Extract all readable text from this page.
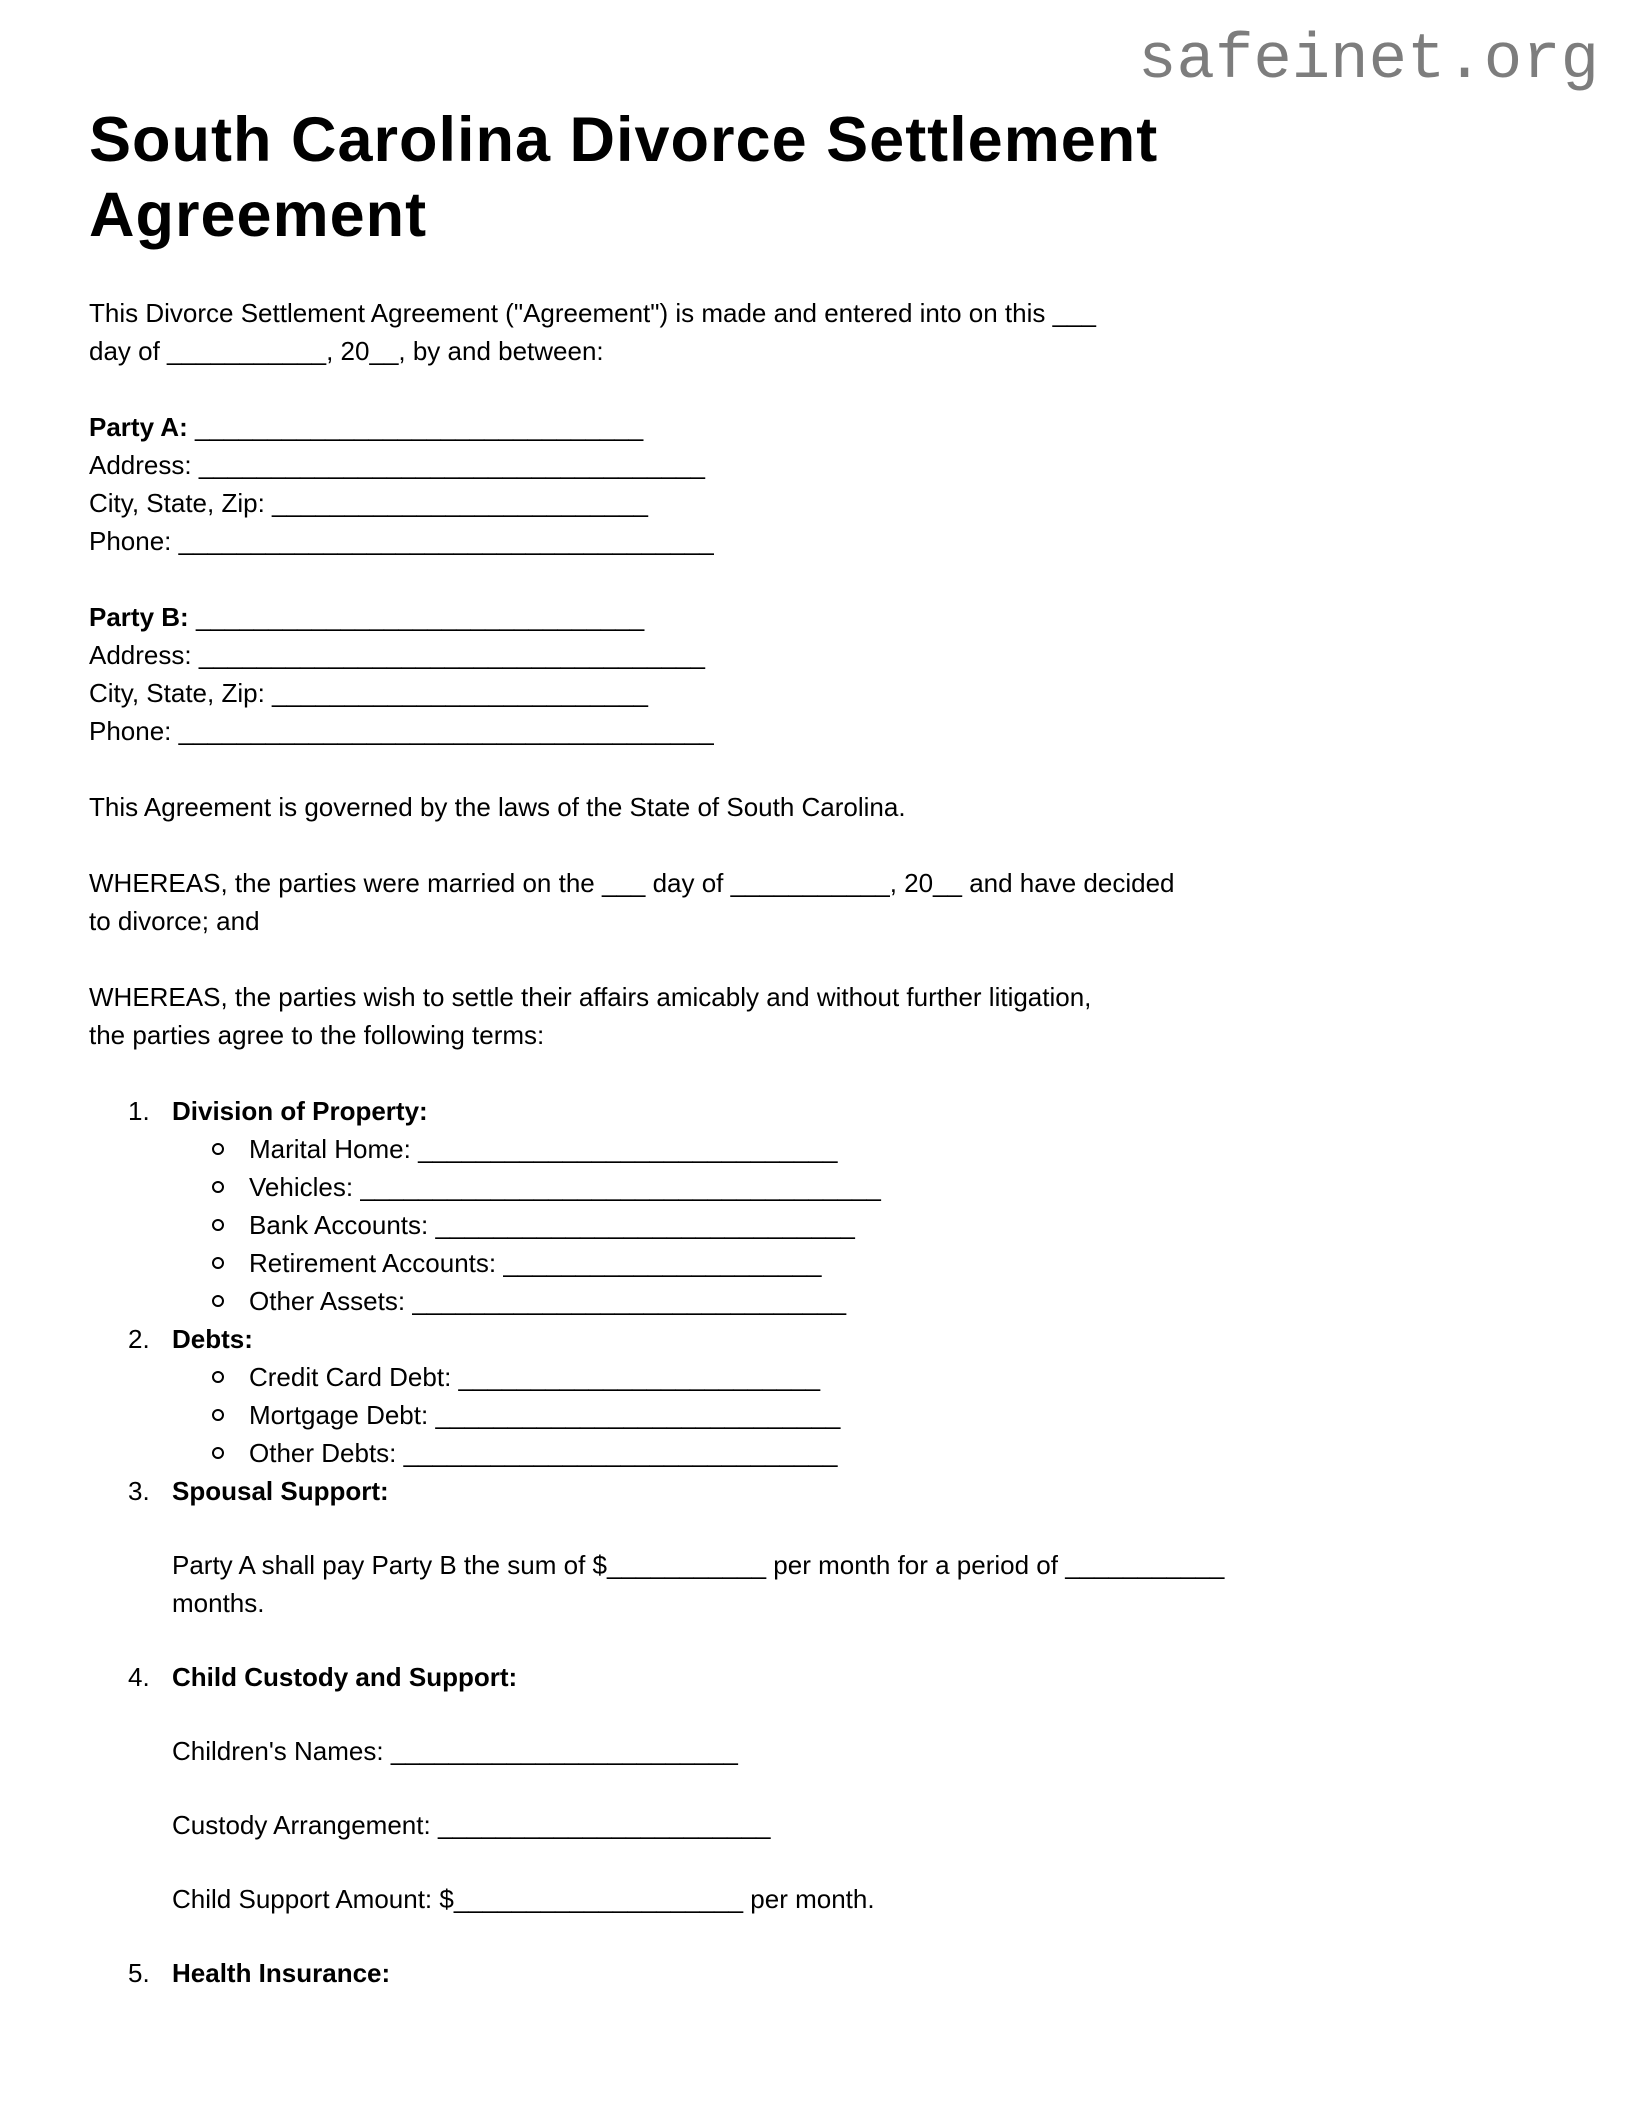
safeinet.org
South Carolina Divorce Settlement Agreement
This Divorce Settlement Agreement ("Agreement") is made and entered into on this ___
day of ___________, 20__, by and between:
Party A: _______________________________
Address: ___________________________________
City, State, Zip: __________________________
Phone: _____________________________________
Party B: _______________________________
Address: ___________________________________
City, State, Zip: __________________________
Phone: _____________________________________
This Agreement is governed by the laws of the State of South Carolina.
WHEREAS, the parties were married on the ___ day of ___________, 20__ and have decided
to divorce; and
WHEREAS, the parties wish to settle their affairs amicably and without further litigation,
the parties agree to the following terms:
1. Division of Property:
Marital Home: _____________________________
Vehicles: ____________________________________
Bank Accounts: _____________________________
Retirement Accounts: ______________________
Other Assets: ______________________________
2. Debts:
Credit Card Debt: _________________________
Mortgage Debt: ____________________________
Other Debts: ______________________________
3. Spousal Support:
Party A shall pay Party B the sum of $___________ per month for a period of ___________
months.
4. Child Custody and Support:
Children's Names: ________________________
Custody Arrangement: _______________________
Child Support Amount: $____________________ per month.
5. Health Insurance:
